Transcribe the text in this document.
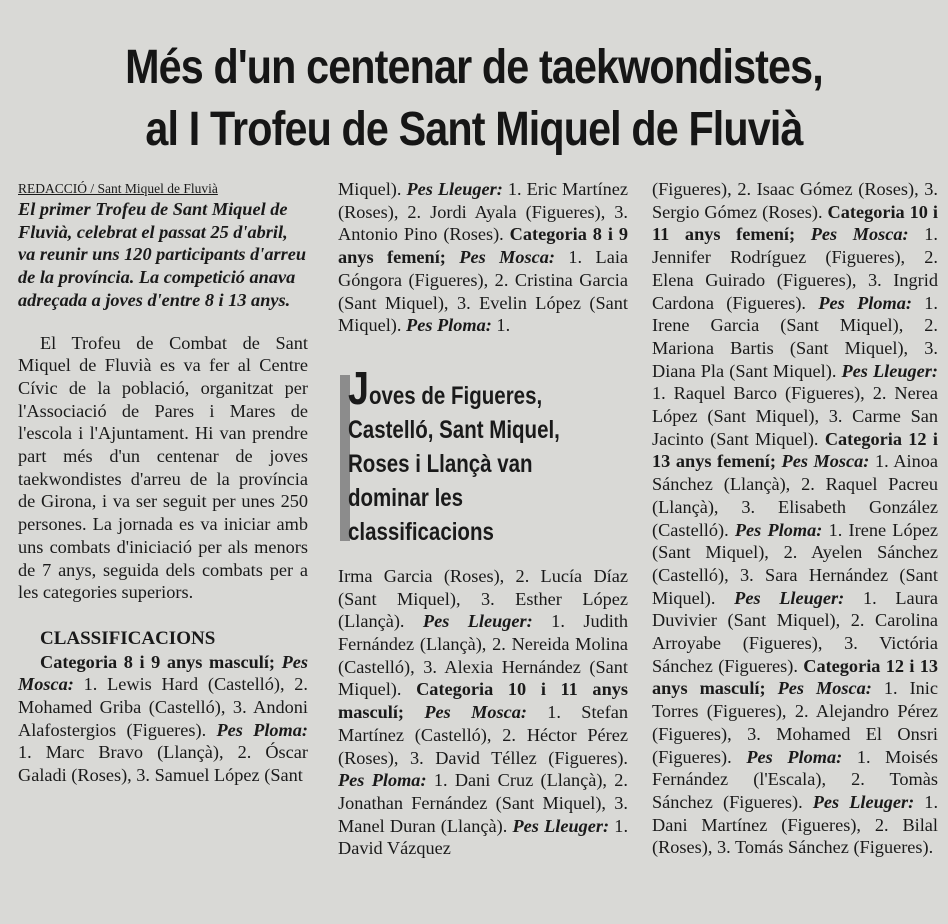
Més d'un centenar de taekwondistes,
al I Trofeu de Sant Miquel de Fluvià
REDACCIÓ / Sant Miquel de Fluvià
El primer Trofeu de Sant Miquel de Fluvià, celebrat el passat 25 d'abril, va reunir uns 120 participants d'arreu de la província. La competició anava adreçada a joves d'entre 8 i 13 anys.
El Trofeu de Combat de Sant Miquel de Fluvià es va fer al Centre Cívic de la població, organitzat per l'Associació de Pares i Mares de l'escola i l'Ajuntament. Hi van prendre part més d'un centenar de joves taekwondistes d'arreu de la província de Girona, i va ser seguit per unes 250 persones. La jornada es va iniciar amb uns combats d'iniciació per als menors de 7 anys, seguida dels combats per a les categories superiors.
CLASSIFICACIONS
Categoria 8 i 9 anys masculí; Pes Mosca: 1. Lewis Hard (Castelló), 2. Mohamed Griba (Castelló), 3. Andoni Alafostergios (Figueres). Pes Ploma: 1. Marc Bravo (Llançà), 2. Óscar Galadi (Roses), 3. Samuel López (Sant
Miquel). Pes Lleuger: 1. Eric Martínez (Roses), 2. Jordi Ayala (Figueres), 3. Antonio Pino (Roses). Categoria 8 i 9 anys femení; Pes Mosca: 1. Laia Góngora (Figueres), 2. Cristina Garcia (Sant Miquel), 3. Evelin López (Sant Miquel). Pes Ploma: 1.
Joves de Figueres,
Castelló, Sant Miquel,
Roses i Llançà van
dominar les
classificacions
Irma Garcia (Roses), 2. Lucía Díaz (Sant Miquel), 3. Esther López (Llançà). Pes Lleuger: 1. Judith Fernández (Llançà), 2. Nereida Molina (Castelló), 3. Alexia Hernández (Sant Miquel). Categoria 10 i 11 anys masculí; Pes Mosca: 1. Stefan Martínez (Castelló), 2. Héctor Pérez (Roses), 3. David Téllez (Figueres). Pes Ploma: 1. Dani Cruz (Llançà), 2. Jonathan Fernández (Sant Miquel), 3. Manel Duran (Llançà). Pes Lleuger: 1. David Vázquez
(Figueres), 2. Isaac Gómez (Roses), 3. Sergio Gómez (Roses). Categoria 10 i 11 anys femení; Pes Mosca: 1. Jennifer Rodríguez (Figueres), 2. Elena Guirado (Figueres), 3. Ingrid Cardona (Figueres). Pes Ploma: 1. Irene Garcia (Sant Miquel), 2. Mariona Bartis (Sant Miquel), 3. Diana Pla (Sant Miquel). Pes Lleuger: 1. Raquel Barco (Figueres), 2. Nerea López (Sant Miquel), 3. Carme San Jacinto (Sant Miquel). Categoria 12 i 13 anys femení; Pes Mosca: 1. Ainoa Sánchez (Llançà), 2. Raquel Pacreu (Llançà), 3. Elisabeth González (Castelló). Pes Ploma: 1. Irene López (Sant Miquel), 2. Ayelen Sánchez (Castelló), 3. Sara Hernández (Sant Miquel). Pes Lleuger: 1. Laura Duvivier (Sant Miquel), 2. Carolina Arroyabe (Figueres), 3. Victória Sánchez (Figueres). Categoria 12 i 13 anys masculí; Pes Mosca: 1. Inic Torres (Figueres), 2. Alejandro Pérez (Figueres), 3. Mohamed El Onsri (Figueres). Pes Ploma: 1. Moisés Fernández (l'Escala), 2. Tomàs Sánchez (Figueres). Pes Lleuger: 1. Dani Martínez (Figueres), 2. Bilal (Roses), 3. Tomás Sánchez (Figueres).
